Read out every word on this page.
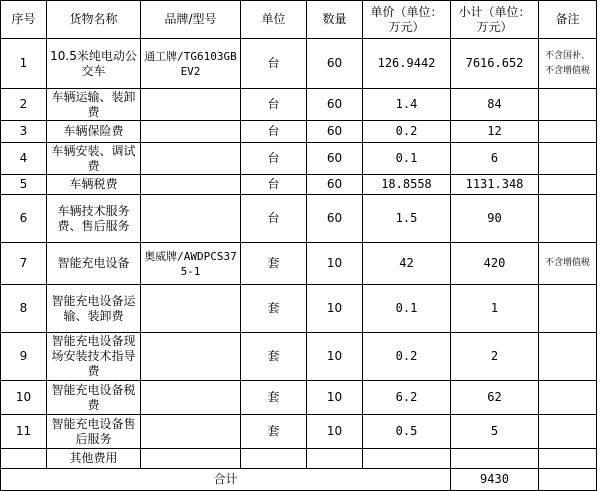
序号	货物名称	品牌/型号	单位	数量	单价（单位：万元）	小计（单位：万元）	备注
1	10.5米纯电动公交车	通工牌/TG6103GBEV2	台	60	126.9442	7616.652	不含国补、不含增值税
2	车辆运输、装卸费		台	60	1.4	84	
3	车辆保险费		台	60	0.2	12	
4	车辆安装、调试费		台	60	0.1	6	
5	车辆税费		台	60	18.8558	1131.348	
6	车辆技术服务费、售后服务		台	60	1.5	90	
7	智能充电设备	奥威牌/AWDPCS375-1	套	10	42	420	不含增值税
8	智能充电设备运输、装卸费		套	10	0.1	1	
9	智能充电设备现场安装技术指导费		套	10	0.2	2	
10	智能充电设备税费		套	10	6.2	62	
11	智能充电设备售后服务		套	10	0.5	5	
	其他费用						
合计						9430	
